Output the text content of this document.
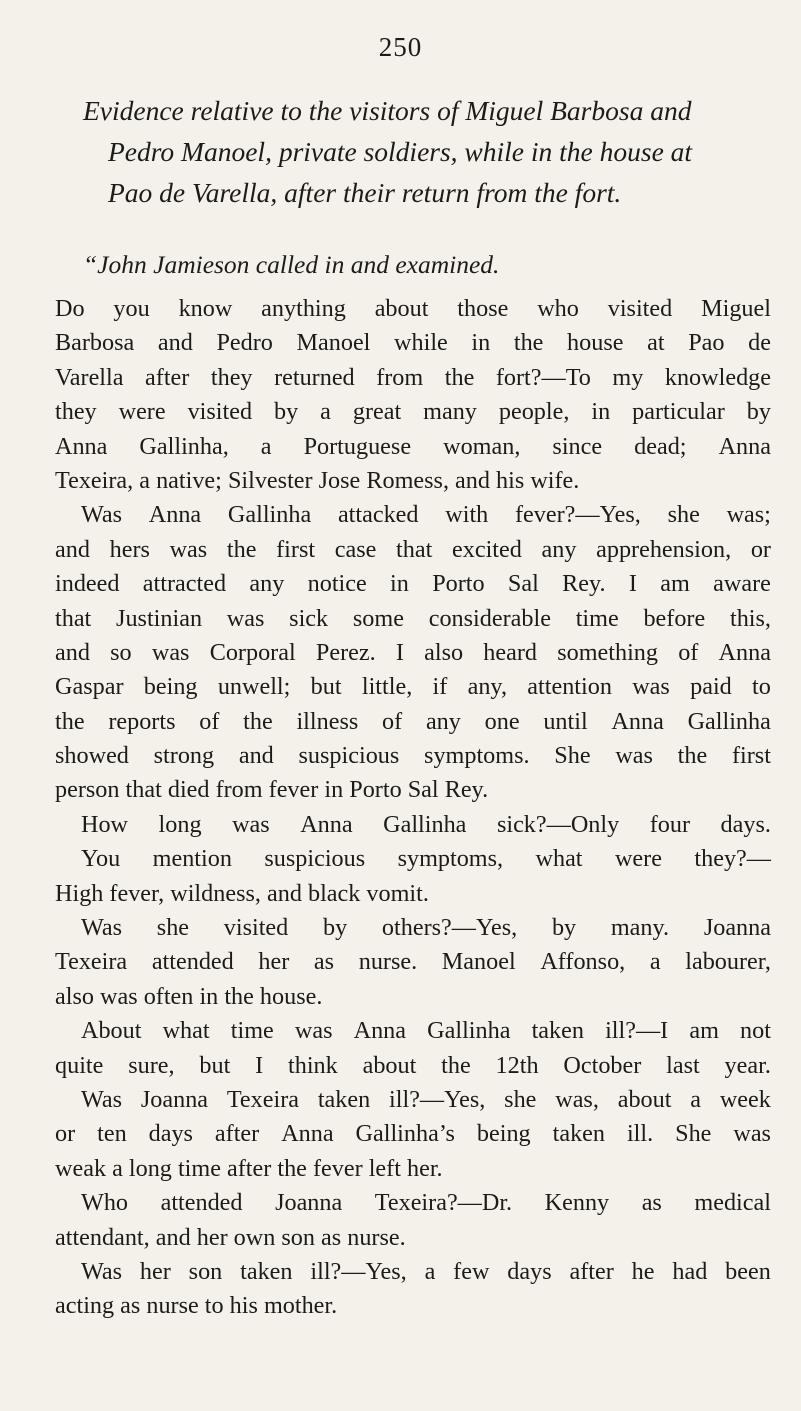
250
Evidence relative to the visitors of Miguel Barbosa and
Pedro Manoel, private soldiers, while in the house at
Pao de Varella, after their return from the fort.
“John Jamieson called in and examined.
Do you know anything about those who visited Miguel
Barbosa and Pedro Manoel while in the house at Pao de
Varella after they returned from the fort?—To my knowledge
they were visited by a great many people, in particular by
Anna Gallinha, a Portuguese woman, since dead; Anna
Texeira, a native; Silvester Jose Romess, and his wife.
Was Anna Gallinha attacked with fever?—Yes, she was;
and hers was the first case that excited any apprehension, or
indeed attracted any notice in Porto Sal Rey. I am aware
that Justinian was sick some considerable time before this,
and so was Corporal Perez. I also heard something of Anna
Gaspar being unwell; but little, if any, attention was paid to
the reports of the illness of any one until Anna Gallinha
showed strong and suspicious symptoms. She was the first
person that died from fever in Porto Sal Rey.
How long was Anna Gallinha sick?—Only four days.
You mention suspicious symptoms, what were they?—
High fever, wildness, and black vomit.
Was she visited by others?—Yes, by many. Joanna
Texeira attended her as nurse. Manoel Affonso, a labourer,
also was often in the house.
About what time was Anna Gallinha taken ill?—I am not
quite sure, but I think about the 12th October last year.
Was Joanna Texeira taken ill?—Yes, she was, about a week
or ten days after Anna Gallinha’s being taken ill. She was
weak a long time after the fever left her.
Who attended Joanna Texeira?—Dr. Kenny as medical
attendant, and her own son as nurse.
Was her son taken ill?—Yes, a few days after he had been
acting as nurse to his mother.
